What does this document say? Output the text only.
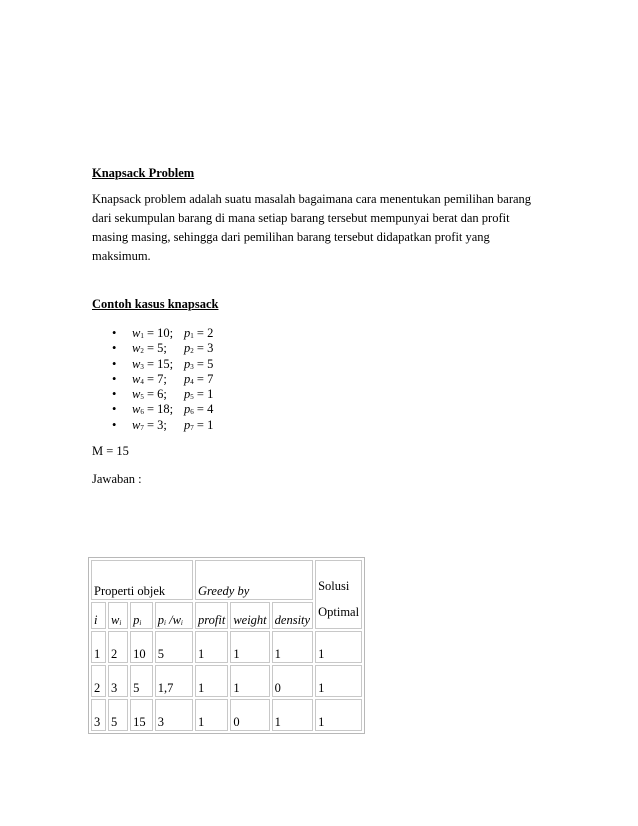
Knapsack Problem
Knapsack problem adalah suatu masalah bagaimana cara menentukan pemilihan barang
dari sekumpulan barang di mana setiap barang tersebut mempunyai berat dan profit
masing masing, sehingga dari pemilihan barang tersebut didapatkan profit yang
maksimum.
Contoh kasus knapsack
• $w_1 = 10$; $p_1 = 2$
• $w_2 = 5$; $p_2 = 3$
• $w_3 = 15$; $p_3 = 5$
• $w_4 = 7$; $p_4 = 7$
• $w_5 = 6$; $p_5 = 1$
• $w_6 = 18$; $p_6 = 4$
• $w_7 = 3$; $p_7 = 1$
M = 15
Jawaban :
Properti objek				Greedy by			Solusi
Optimal
i	$w_i$	$p_i$	$p_i$ $/w_i$	profit	weight	density	
1	2	10	5	1	1	1	1
2	3	5	1,7	1	1	0	1
3	5	15	3	1	0	1	1
